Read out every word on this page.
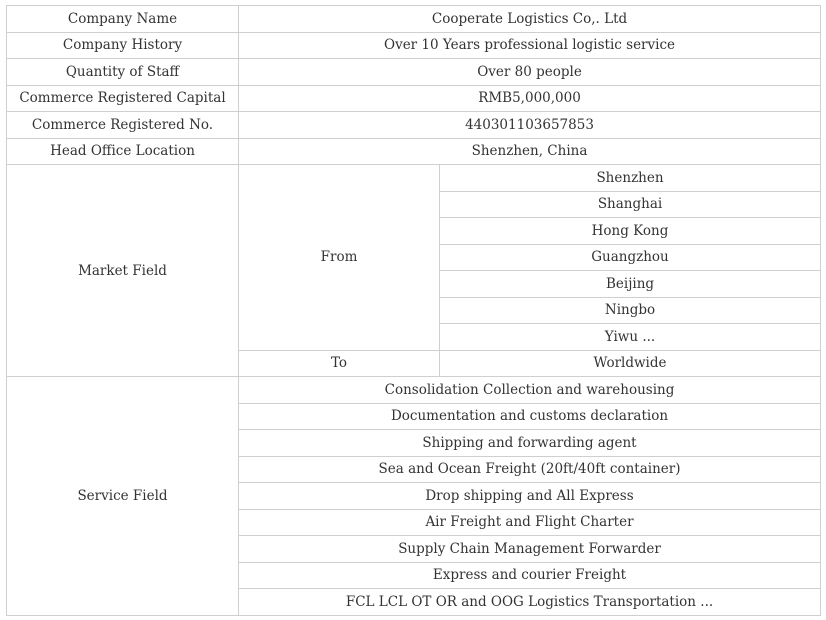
Company Name	Cooperate Logistics Co,. Ltd	
Company History	Over 10 Years professional logistic service	
Quantity of Staff	Over 80 people	
Commerce Registered Capital	RMB5,000,000	
Commerce Registered No.	440301103657853	
Head Office Location	Shenzhen, China	
Market Field	From	Shenzhen
		Shanghai
		Hong Kong
		Guangzhou
		Beijing
		Ningbo
		Yiwu ...
	To	Worldwide
Service Field	Consolidation Collection and warehousing	
	Documentation and customs declaration	
	Shipping and forwarding agent	
	Sea and Ocean Freight (20ft/40ft container)	
	Drop shipping and All Express	
	Air Freight and Flight Charter	
	Supply Chain Management Forwarder	
	Express and courier Freight	
	FCL LCL OT OR and OOG Logistics Transportation ...	
